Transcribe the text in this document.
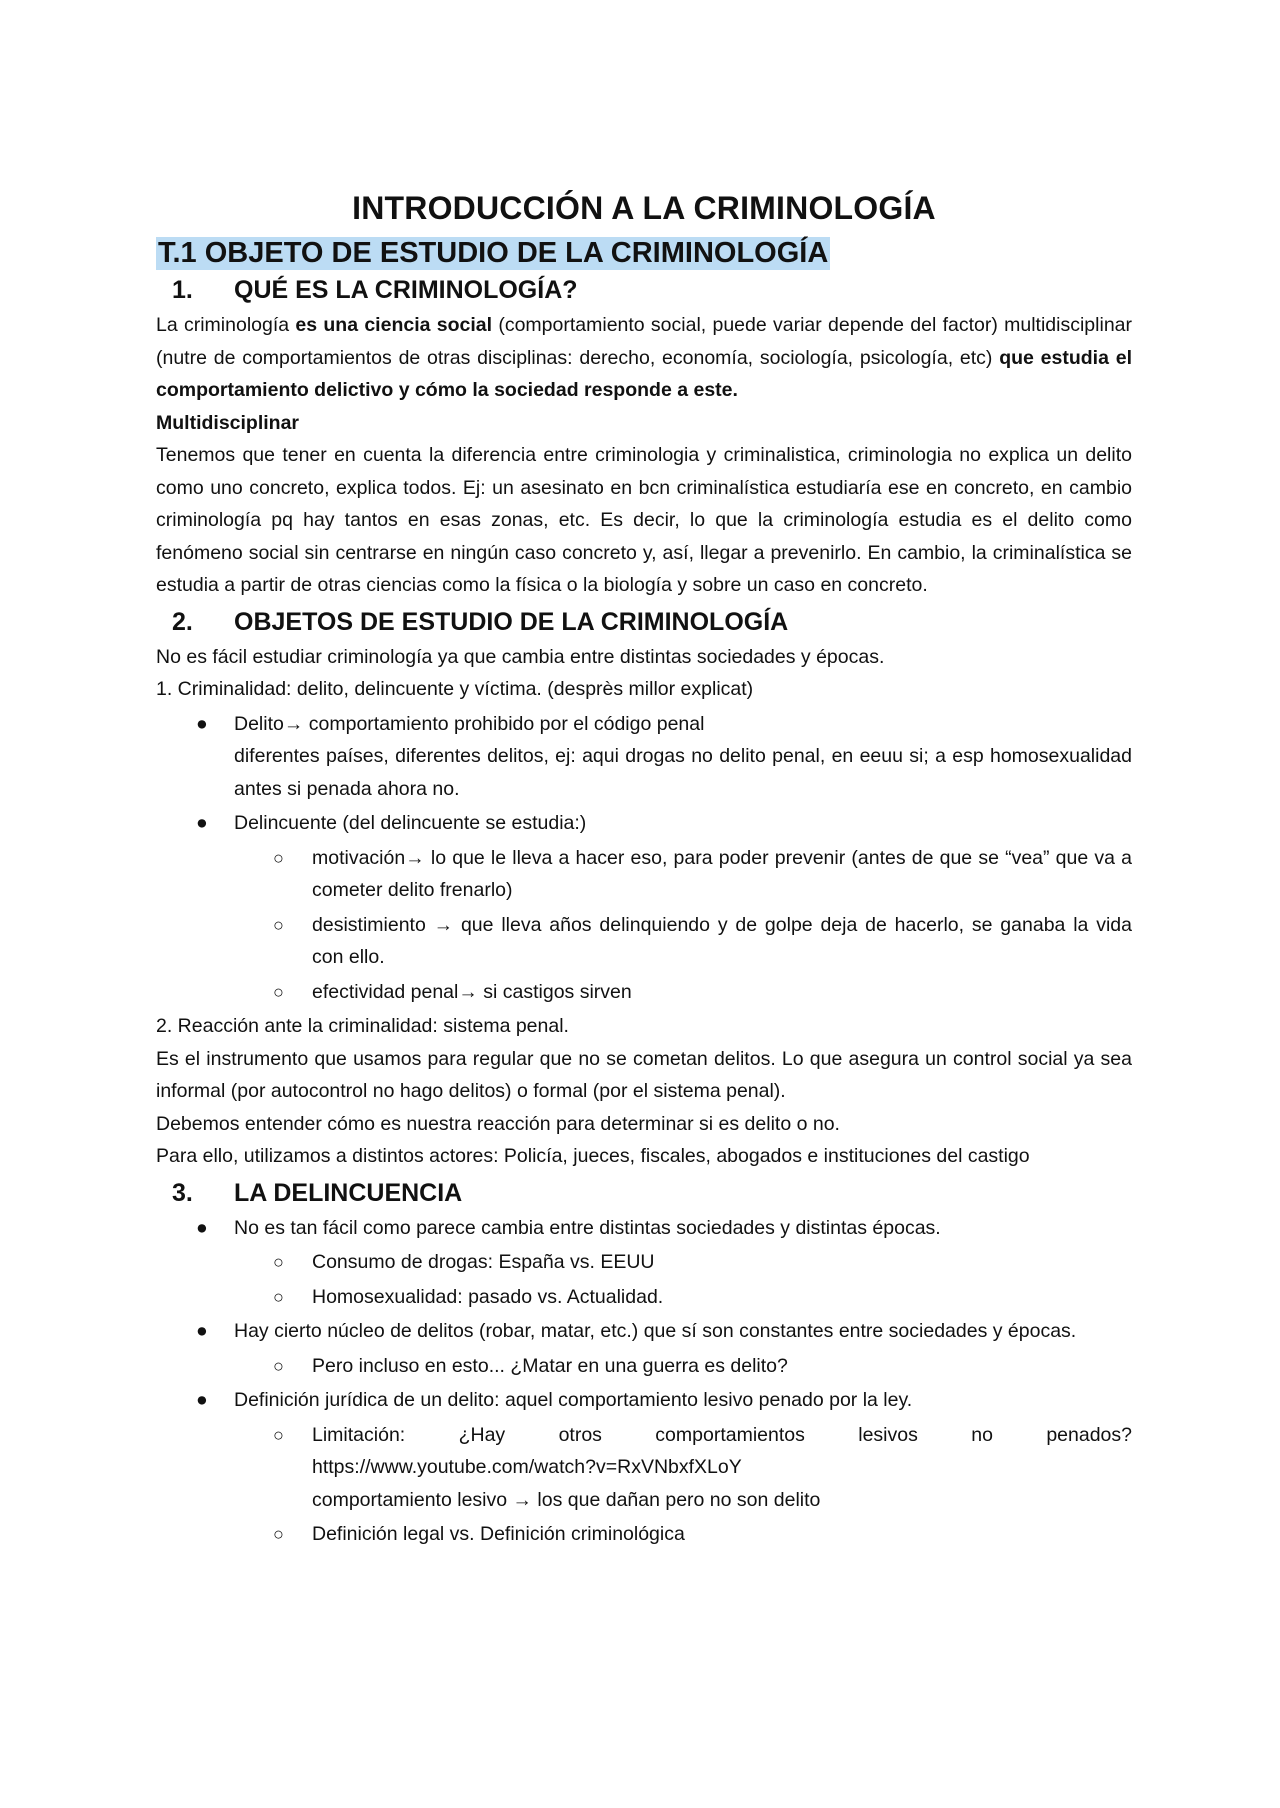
INTRODUCCIÓN A LA CRIMINOLOGÍA
T.1 OBJETO DE ESTUDIO DE LA CRIMINOLOGÍA
1.	QUÉ ES LA CRIMINOLOGÍA?

La criminología es una ciencia social (comportamiento social, puede variar depende del factor) multidisciplinar (nutre de comportamientos de otras disciplinas: derecho, economía, sociología, psicología, etc) que estudia el comportamiento delictivo y cómo la sociedad responde a este.

Multidisciplinar

Tenemos que tener en cuenta la diferencia entre criminologia y criminalistica, criminologia no explica un delito como uno concreto, explica todos. Ej: un asesinato en bcn criminalística estudiaría ese en concreto, en cambio criminología pq hay tantos en esas zonas, etc. Es decir, lo que la criminología estudia es el delito como fenómeno social sin centrarse en ningún caso concreto y, así, llegar a prevenirlo. En cambio, la criminalística se estudia a partir de otras ciencias como la física o la biología y sobre un caso en concreto.

2.	OBJETOS DE ESTUDIO DE LA CRIMINOLOGÍA

No es fácil estudiar criminología ya que cambia entre distintas sociedades y épocas.

1. Criminalidad: delito, delincuente y víctima. (desprès millor explicat)

● Delito→ comportamiento prohibido por el código penal
diferentes países, diferentes delitos, ej: aqui drogas no delito penal, en eeuu si; a esp homosexualidad antes si penada ahora no.
● Delincuente (del delincuente se estudia:)
○ motivación→ lo que le lleva a hacer eso, para poder prevenir (antes de que se “vea” que va a cometer delito frenarlo)
○ desistimiento → que lleva años delinquiendo y de golpe deja de hacerlo, se ganaba la vida con ello.
○ efectividad penal→ si castigos sirven

2. Reacción ante la criminalidad: sistema penal.

Es el instrumento que usamos para regular que no se cometan delitos. Lo que asegura un control social ya sea informal (por autocontrol no hago delitos) o formal (por el sistema penal).

Debemos entender cómo es nuestra reacción para determinar si es delito o no.

Para ello, utilizamos a distintos actores: Policía, jueces, fiscales, abogados e instituciones del castigo

3.	LA DELINCUENCIA
● No es tan fácil como parece cambia entre distintas sociedades y distintas épocas.
○ Consumo de drogas: España vs. EEUU
○ Homosexualidad: pasado vs. Actualidad.
● Hay cierto núcleo de delitos (robar, matar, etc.) que sí son constantes entre sociedades y épocas.
○ Pero incluso en esto... ¿Matar en una guerra es delito?
● Definición jurídica de un delito: aquel comportamiento lesivo penado por la ley.
○ Limitación:	¿Hay	otros	comportamientos	lesivos	no	penados?
https://www.youtube.com/watch?v=RxVNbxfXLoY
comportamiento lesivo → los que dañan pero no son delito
○ Definición legal vs. Definición criminológica
